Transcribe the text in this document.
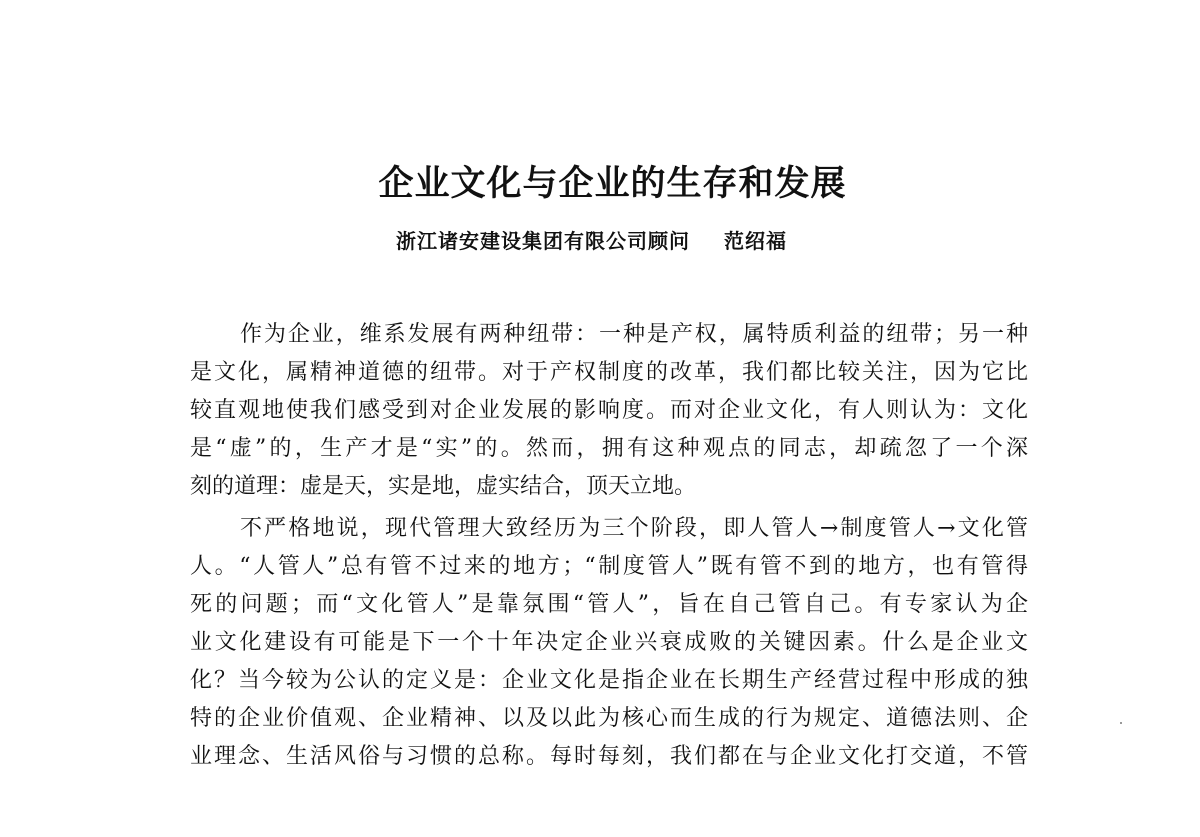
企业文化与企业的生存和发展
浙江诸安建设集团有限公司顾问 范绍福

作为企业，维系发展有两种纽带：一种是产权，属特质利益的纽带；另一种
是文化，属精神道德的纽带。对于产权制度的改革，我们都比较关注，因为它比
较直观地使我们感受到对企业发展的影响度。而对企业文化，有人则认为：文化
是“虚”的，生产才是“实”的。然而，拥有这种观点的同志，却疏忽了一个深
刻的道理：虚是天，实是地，虚实结合，顶天立地。

不严格地说，现代管理大致经历为三个阶段，即人管人→制度管人→文化管
人。“人管人”总有管不过来的地方；“制度管人”既有管不到的地方，也有管得
死的问题；而“文化管人”是靠氛围“管人”，旨在自己管自己。有专家认为企
业文化建设有可能是下一个十年决定企业兴衰成败的关键因素。什么是企业文
化？当今较为公认的定义是：企业文化是指企业在长期生产经营过程中形成的独
特的企业价值观、企业精神、以及以此为核心而生成的行为规定、道德法则、企
业理念、生活风俗与习惯的总称。每时每刻，我们都在与企业文化打交道，不管
